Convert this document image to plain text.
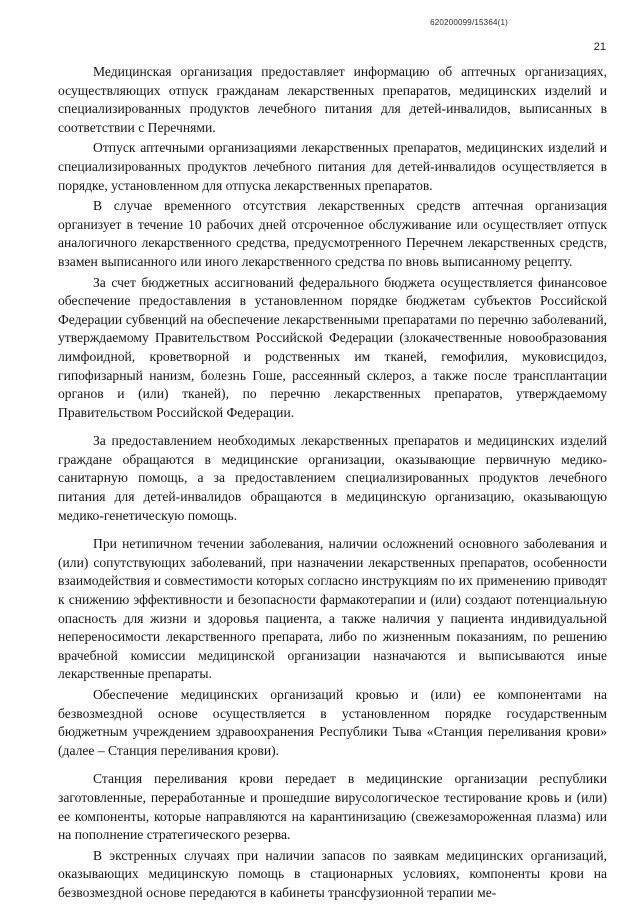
620200099/15364(1)
21

Медицинская организация предоставляет информацию об аптечных организациях, осуществляющих отпуск гражданам лекарственных препаратов, медицинских изделий и специализированных продуктов лечебного питания для детей-инвалидов, выписанных в соответствии с Перечнями.

Отпуск аптечными организациями лекарственных препаратов, медицинских изделий и специализированных продуктов лечебного питания для детей-инвалидов осуществляется в порядке, установленном для отпуска лекарственных препаратов.

В случае временного отсутствия лекарственных средств аптечная организация организует в течение 10 рабочих дней отсроченное обслуживание или осуществляет отпуск аналогичного лекарственного средства, предусмотренного Перечнем лекарственных средств, взамен выписанного или иного лекарственного средства по вновь выписанному рецепту.

За счет бюджетных ассигнований федерального бюджета осуществляется финансовое обеспечение предоставления в установленном порядке бюджетам субъектов Российской Федерации субвенций на обеспечение лекарственными препаратами по перечню заболеваний, утверждаемому Правительством Российской Федерации (злокачественные новообразования лимфоидной, кроветворной и родственных им тканей, гемофилия, муковисцидоз, гипофизарный нанизм, болезнь Гоше, рассеянный склероз, а также после трансплантации органов и (или) тканей), по перечню лекарственных препаратов, утверждаемому Правительством Российской Федерации.

За предоставлением необходимых лекарственных препаратов и медицинских изделий граждане обращаются в медицинские организации, оказывающие первичную медико-санитарную помощь, а за предоставлением специализированных продуктов лечебного питания для детей-инвалидов обращаются в медицинскую организацию, оказывающую медико-генетическую помощь.

При нетипичном течении заболевания, наличии осложнений основного заболевания и (или) сопутствующих заболеваний, при назначении лекарственных препаратов, особенности взаимодействия и совместимости которых согласно инструкциям по их применению приводят к снижению эффективности и безопасности фармакотерапии и (или) создают потенциальную опасность для жизни и здоровья пациента, а также наличия у пациента индивидуальной непереносимости лекарственного препарата, либо по жизненным показаниям, по решению врачебной комиссии медицинской организации назначаются и выписываются иные лекарственные препараты.

Обеспечение медицинских организаций кровью и (или) ее компонентами на безвозмездной основе осуществляется в установленном порядке государственным бюджетным учреждением здравоохранения Республики Тыва «Станция переливания крови» (далее – Станция переливания крови).

Станция переливания крови передает в медицинские организации республики заготовленные, переработанные и прошедшие вирусологическое тестирование кровь и (или) ее компоненты, которые направляются на карантинизацию (свежезамороженная плазма) или на пополнение стратегического резерва.

В экстренных случаях при наличии запасов по заявкам медицинских организаций, оказывающих медицинскую помощь в стационарных условиях, компоненты крови на безвозмездной основе передаются в кабинеты трансфузионной терапии ме-
